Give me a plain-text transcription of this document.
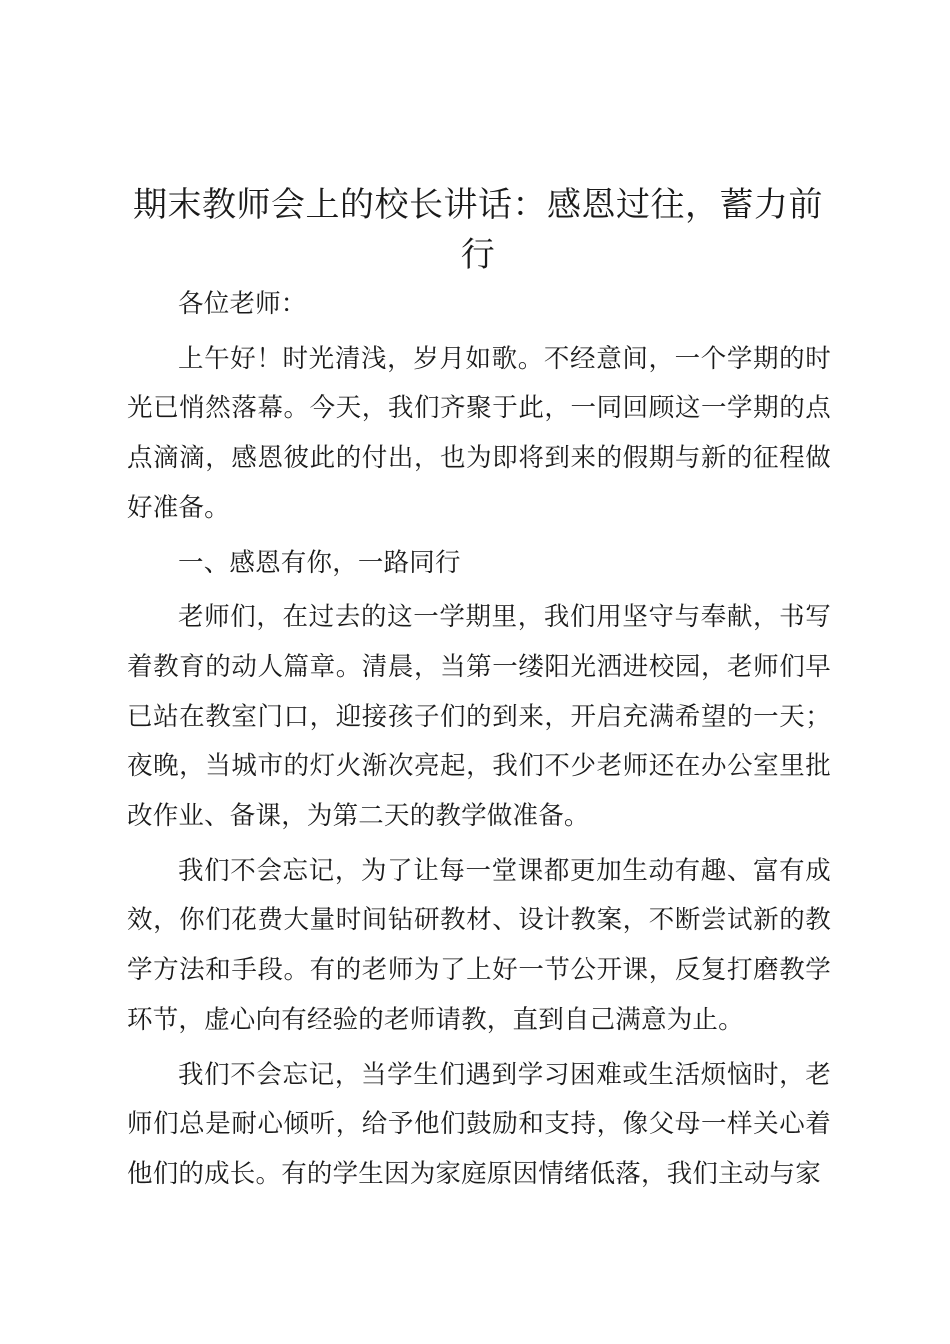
期末教师会上的校长讲话：感恩过往，蓄力前行

各位老师：

上午好！时光清浅，岁月如歌。不经意间，一个学期的时光已悄然落幕。今天，我们齐聚于此，一同回顾这一学期的点点滴滴，感恩彼此的付出，也为即将到来的假期与新的征程做好准备。

一、感恩有你，一路同行

老师们，在过去的这一学期里，我们用坚守与奉献，书写着教育的动人篇章。清晨，当第一缕阳光洒进校园，老师们早已站在教室门口，迎接孩子们的到来，开启充满希望的一天；夜晚，当城市的灯火渐次亮起，我们不少老师还在办公室里批改作业、备课，为第二天的教学做准备。

我们不会忘记，为了让每一堂课都更加生动有趣、富有成效，你们花费大量时间钻研教材、设计教案，不断尝试新的教学方法和手段。有的老师为了上好一节公开课，反复打磨教学环节，虚心向有经验的老师请教，直到自己满意为止。

我们不会忘记，当学生们遇到学习困难或生活烦恼时，老师们总是耐心倾听，给予他们鼓励和支持，像父母一样关心着他们的成长。有的学生因为家庭原因情绪低落，我们主动与家
